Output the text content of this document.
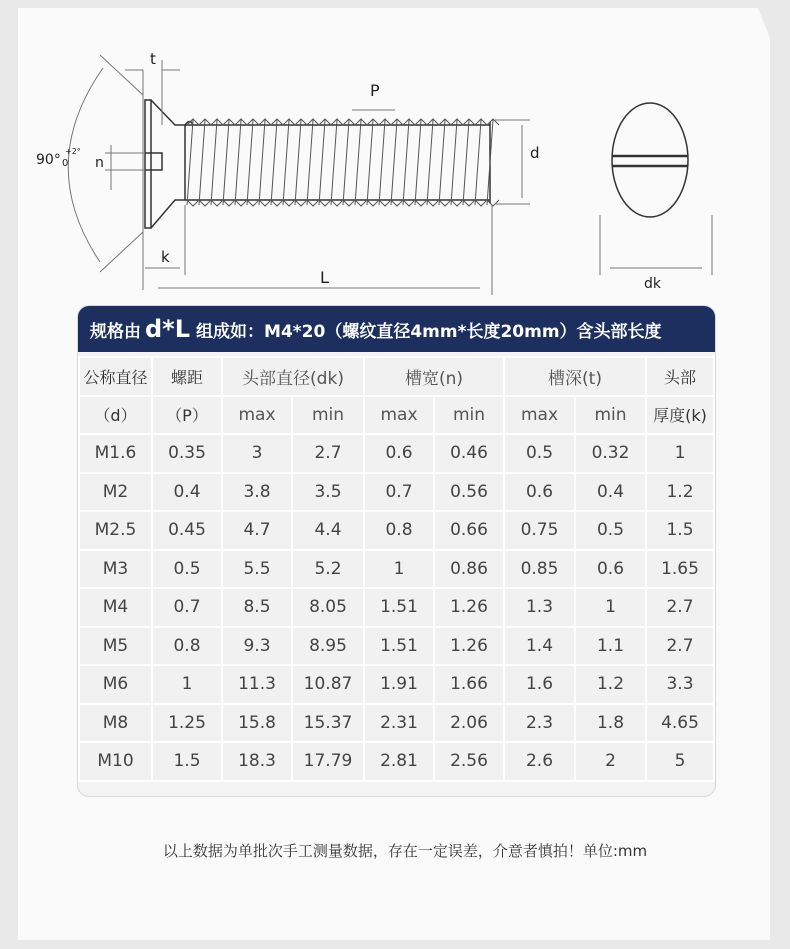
t
P
n
d
90°
+2°
0
k
L	dk
规格由 d*L 组成如：M4*20（螺纹直径4mm*长度20mm）含头部长度
公称直径	螺距	头部直径(dk)		槽宽(n)		槽深(t)		头部
（d）	（P）	max	min	max	min	max	min	厚度(k)
M1.6	0.35	3	2.7	0.6	0.46	0.5	0.32	1
M2	0.4	3.8	3.5	0.7	0.56	0.6	0.4	1.2
M2.5	0.45	4.7	4.4	0.8	0.66	0.75	0.5	1.5
M3	0.5	5.5	5.2	1	0.86	0.85	0.6	1.65
M4	0.7	8.5	8.05	1.51	1.26	1.3	1	2.7
M5	0.8	9.3	8.95	1.51	1.26	1.4	1.1	2.7
M6	1	11.3	10.87	1.91	1.66	1.6	1.2	3.3
M8	1.25	15.8	15.37	2.31	2.06	2.3	1.8	4.65
M10	1.5	18.3	17.79	2.81	2.56	2.6	2	5
以上数据为单批次手工测量数据，存在一定误差，介意者慎拍！单位:mm
